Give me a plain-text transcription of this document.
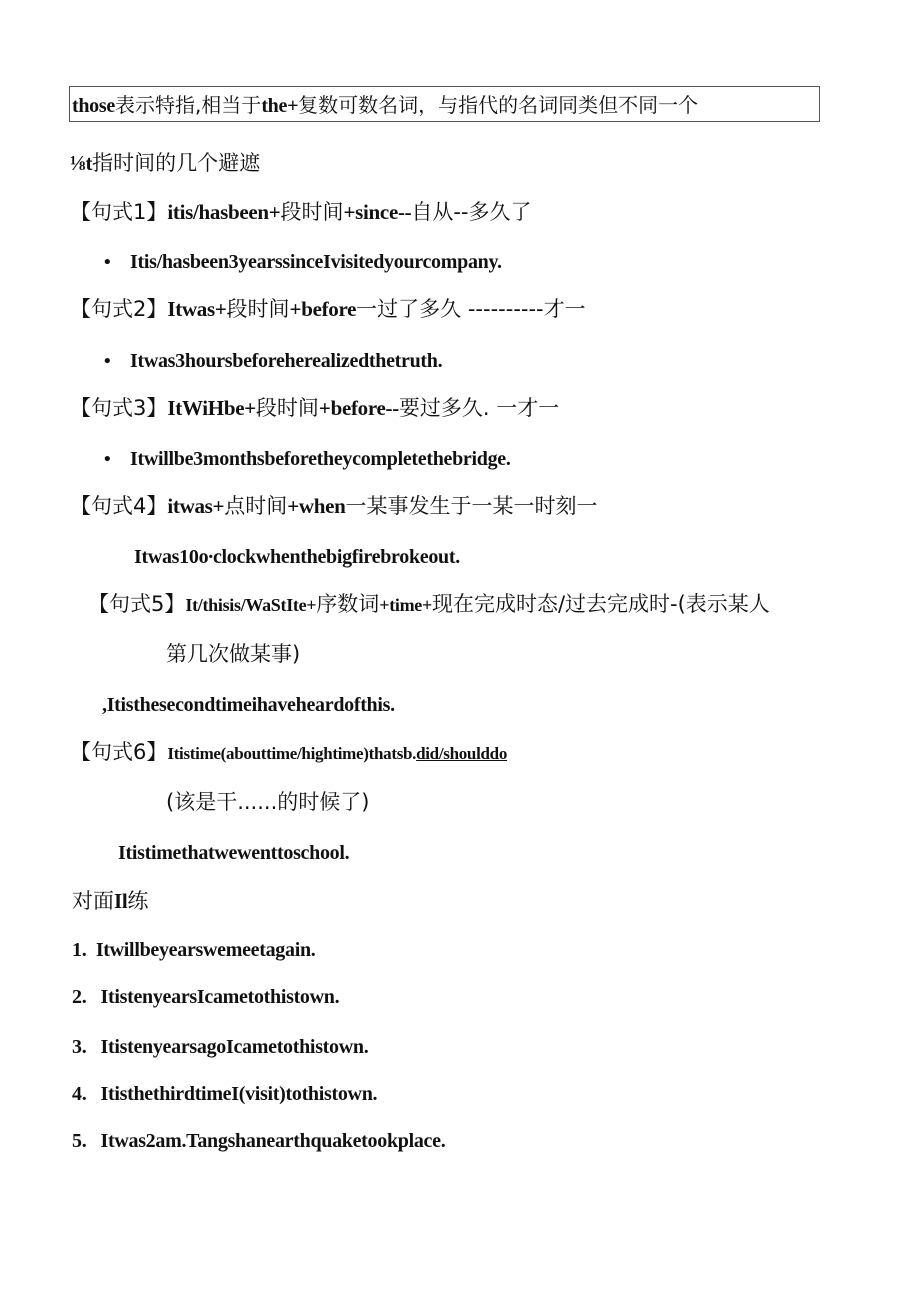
those表示特指,相当于the+复数可数名词，与指代的名词同类但不同一个
⅛t指时间的几个避遮
【句式1】itis/hasbeen+段时间+since--自从--多久了
• Itis/hasbeen3yearssinceIvisitedyourcompany.
【句式2】Itwas+段时间+before一过了多久 ----------才一
• Itwas3hoursbeforeherealizedthetruth.
【句式3】ItWiHbe+段时间+before--要过多久. 一才一
• Itwillbe3monthsbeforetheycompletethebridge.
【句式4】itwas+点时间+when一某事发生于一某一时刻一
Itwas10o∙clockwhenthebigfirebrokeout.
【句式5】It/thisis/WaStIte+序数词+time+现在完成时态/过去完成时-(表示某人
第几次做某事)
,Itisthesecondtimeihaveheardofthis.
【句式6】Itistime(abouttime/hightime)thatsb.did/shoulddo
(该是干......的时候了)
Itistimethatwewenttoschool.
对面Il练
1. Itwillbeyearswemeetagain.
2. ItistenyearsIcametothistown.
3. ItistenyearsagoIcametothistown.
4. ItisthethirdtimeI(visit)tothistown.
5. Itwas2am.Tangshanearthquaketookplace.
